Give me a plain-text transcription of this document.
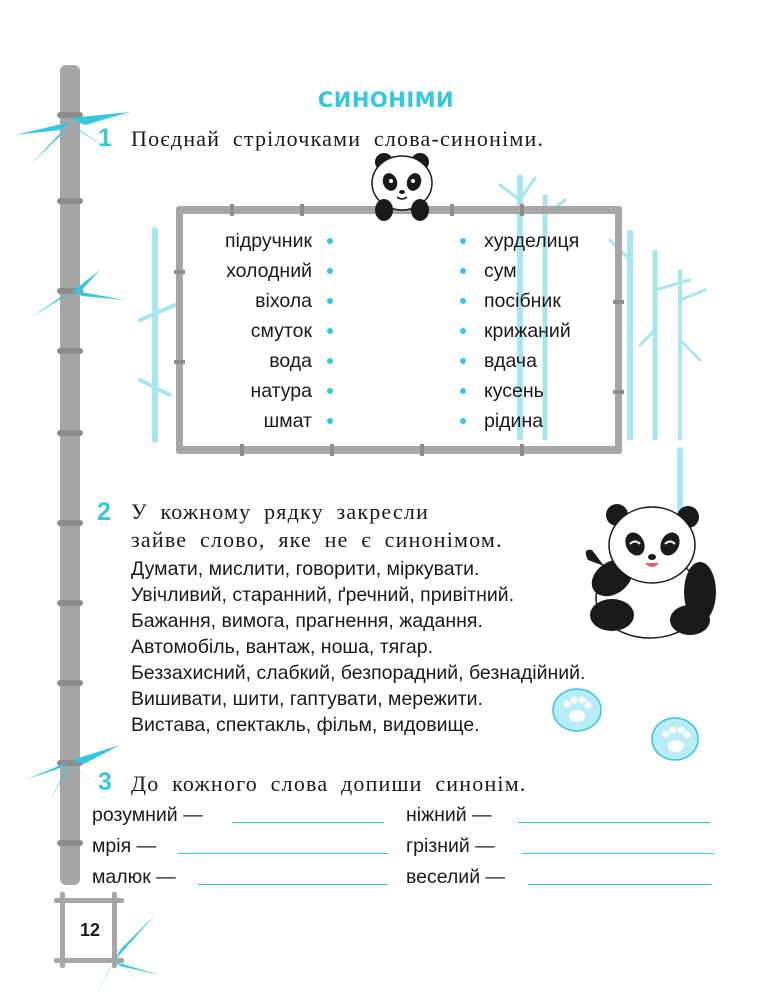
СИНОНІМИ
1 Поєднай стрілочками слова-синоніми.
підручник
холодний
віхола
смуток
вода
натура
шмат
хурделиця
сум
посібник
крижаний
вдача
кусень
рідина
2 У кожному рядку закресли
зайве слово, яке не є синонімом.
Думати, мислити, говорити, міркувати.
Увічливий, старанний, ґречний, привітний.
Бажання, вимога, прагнення, жадання.
Автомобіль, вантаж, ноша, тягар.
Беззахисний, слабкий, безпорадний, безнадійний.
Вишивати, шити, гаптувати, мережити.
Вистава, спектакль, фільм, видовище.
3 До кожного слова допиши синонім.
розумний —	ніжний —
мрія —	грізний —
малюк —	веселий —
12
